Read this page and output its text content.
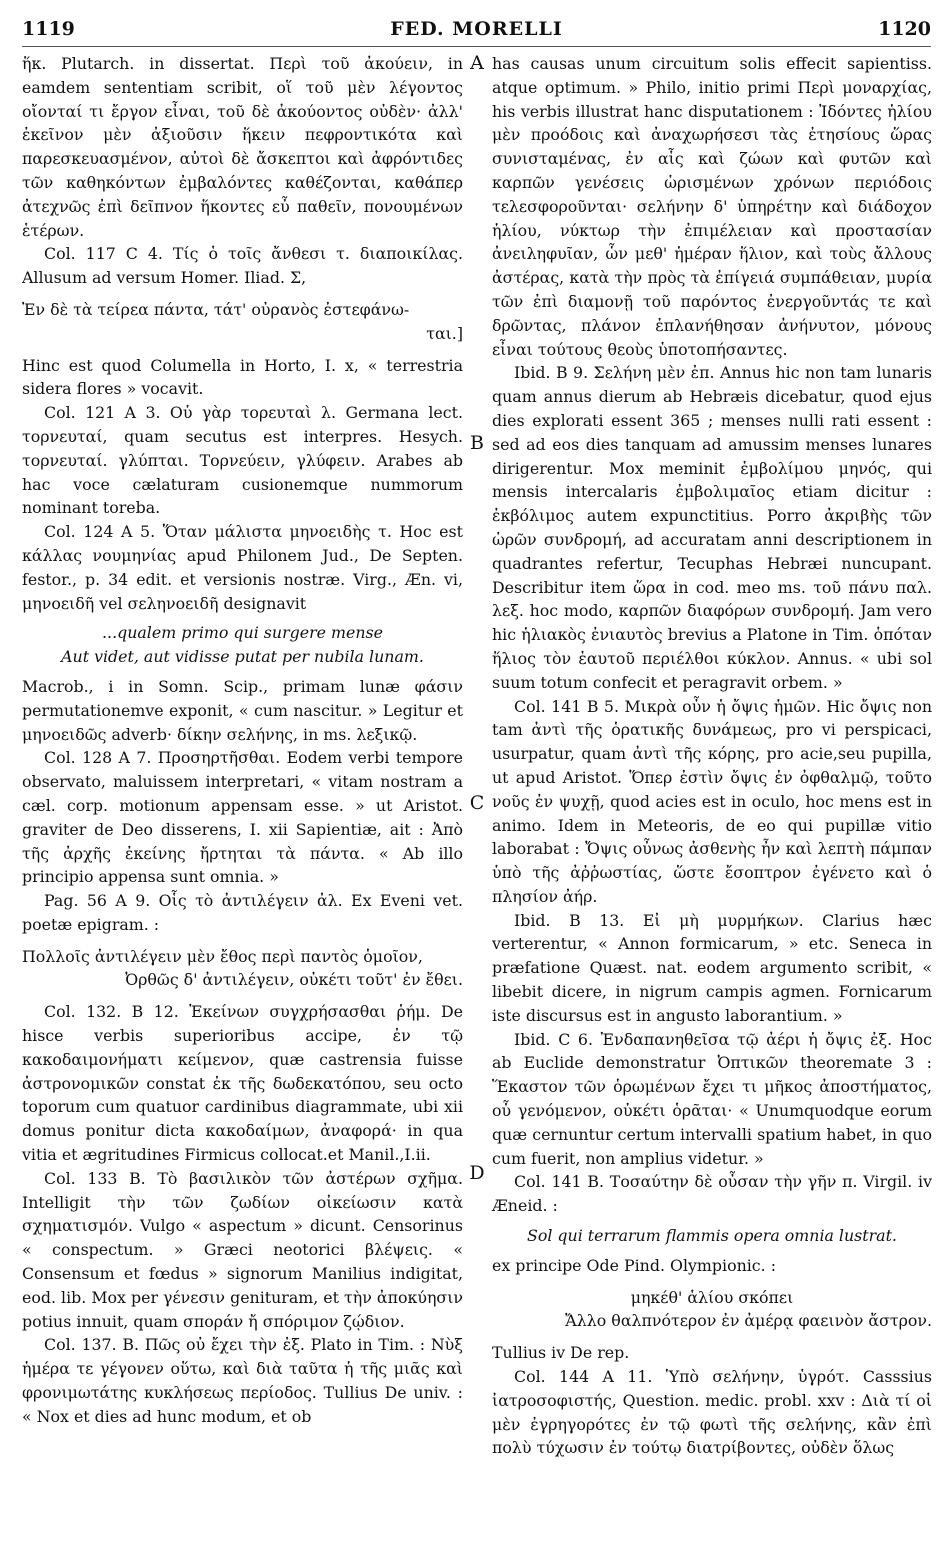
1119	FED. MORELLI	1120
A
B
C
D

ἥκ. Plutarch. in dissertat. Περὶ τοῦ ἀκούειν, in eamdem sententiam scribit, οἵ τοῦ μὲν λέγοντος οἴονταί τι ἔργον εἶναι, τοῦ δὲ ἀκούοντος οὐδὲν· ἀλλ' ἐκεῖνον μὲν ἀξιοῦσιν ἥκειν πεφροντικότα καὶ παρεσκευασμένον, αὐτοὶ δὲ ἄσκεπτοι καὶ ἀφρόντιδες τῶν καθηκόντων ἐμβαλόντες καθέζονται, καθάπερ ἀτεχνῶς ἐπὶ δεῖπνον ἥκοντες εὖ παθεῖν, πονουμένων ἑτέρων.

Col. 117 C 4. Τίς ὁ τοῖς ἄνθεσι τ. διαποικίλας. Allusum ad versum Homer. Iliad. Σ,

Ἐν δὲ τὰ τείρεα πάντα, τάτ' οὐρανὸς ἐστεφάνω-
ται.]

Hinc est quod Columella in Horto, I. x, « terrestria sidera flores » vocavit.

Col. 121 A 3. Οὐ γὰρ τορευταὶ λ. Germana lect. τορνευταί, quam secutus est interpres. Hesych. τορνευταί. γλύπται. Τορνεύειν, γλύφειν. Arabes ab hac voce cælaturam cusionemque nummorum nominant toreba.

Col. 124 A 5. Ὅταν μάλιστα μηνοειδὴς τ. Hoc est κάλλας νουμηνίας apud Philonem Jud., De Septen. festor., p. 34 edit. et versionis nostræ. Virg., Æn. vi, μηνοειδῆ vel σεληνοειδῆ designavit

...qualem primo qui surgere mense
Aut videt, aut vidisse putat per nubila lunam.

Macrob., i in Somn. Scip., primam lunæ φάσιν permutationemve exponit, « cum nascitur. » Legitur et μηνοειδῶς adverb· δίκην σελήνης, in ms. λεξικῷ.

Col. 128 A 7. Προσηρτῆσθαι. Eodem verbi tempore observato, maluissem interpretari, « vitam nostram a cæl. corp. motionum appensam esse. » ut Aristot. graviter de Deo disserens, I. xii Sapientiæ, ait : Ἀπὸ τῆς ἀρχῆς ἐκείνης ἤρτηται τὰ πάντα. « Ab illo principio appensa sunt omnia. »

Pag. 56 A 9. Οἷς τὸ ἀντιλέγειν ἀλ. Ex Eveni vet. poetæ epigram. :

Πολλοῖς ἀντιλέγειν μὲν ἔθος περὶ παντὸς ὁμοῖον,
Ὀρθῶς δ' ἀντιλέγειν, οὐκέτι τοῦτ' ἐν ἔθει.

Col. 132. B 12. Ἐκείνων συγχρήσασθαι ῥήμ. De hisce verbis superioribus accipe, ἐν τῷ κακοδαιμονήματι κείμενον, quæ castrensia fuisse ἀστρονομικῶν constat ἐκ τῆς δωδεκατόπου, seu octo toporum cum quatuor cardinibus diagrammate, ubi xii domus ponitur dicta κακοδαίμων, ἀναφορά· in qua vitia et ægritudines Firmicus collocat.et Manil.,I.ii.

Col. 133 B. Τὸ βασιλικὸν τῶν ἀστέρων σχῆμα. Intelligit τὴν τῶν ζωδίων οἰκείωσιν κατὰ σχηματισμόν. Vulgo « aspectum » dicunt. Censorinus « conspectum. » Græci neotorici βλέψεις. « Consensum et fœdus » signorum Manilius indigitat, eod. lib. Mox per γένεσιν genituram, et τὴν ἀποκύησιν potius innuit, quam σποράν ἤ σπόριμον ζῴδιον.

Col. 137. B. Πῶς οὐ ἔχει τὴν ἐξ. Plato in Tim. : Νὺξ ἡμέρα τε γέγονεν οὕτω, καὶ διὰ ταῦτα ἡ τῆς μιᾶς καὶ φρονιμωτάτης κυκλήσεως περίοδος. Tullius De univ. : « Nox et dies ad hunc modum, et ob

has causas unum circuitum solis effecit sapientiss. atque optimum. » Philo, initio primi Περὶ μοναρχίας, his verbis illustrat hanc disputationem : Ἰδόντες ἡλίου μὲν προόδοις καὶ ἀναχωρήσεσι τὰς ἐτησίους ὥρας συνισταμένας, ἐν αἷς καὶ ζώων καὶ φυτῶν καὶ καρπῶν γενέσεις ὡρισμένων χρόνων περιόδοις τελεσφοροῦνται· σελήνην δ' ὑπηρέτην καὶ διάδοχον ἡλίου, νύκτωρ τὴν ἐπιμέλειαν καὶ προστασίαν ἀνειληφυῖαν, ὧν μεθ' ἡμέραν ἥλιον, καὶ τοὺς ἄλλους ἀστέρας, κατὰ τὴν πρὸς τὰ ἐπίγειά συμπάθειαν, μυρία τῶν ἐπὶ διαμονῇ τοῦ παρόντος ἐνεργοῦντάς τε καὶ δρῶντας, πλάνον ἐπλανήθησαν ἀνήνυτον, μόνους εἶναι τούτους θεοὺς ὑποτοπήσαντες.

Ibid. B 9. Σελήνη μὲν ἐπ. Annus hic non tam lunaris quam annus dierum ab Hebræis dicebatur, quod ejus dies explorati essent 365 ; menses nulli rati essent : sed ad eos dies tanquam ad amussim menses lunares dirigerentur. Mox meminit ἐμβολίμου μηνός, qui mensis intercalaris ἐμβολιμαῖος etiam dicitur : ἐκβόλιμος autem expunctitius. Porro ἀκριβὴς τῶν ὡρῶν συνδρομή, ad accuratam anni descriptionem in quadrantes refertur, Tecuphas Hebræi nuncupant. Describitur item ὥρα in cod. meo ms. τοῦ πάνυ παλ. λεξ. hoc modo, καρπῶν διαφόρων συνδρομή. Jam vero hic ἡλιακὸς ἐνιαυτὸς brevius a Platone in Tim. ὁπόταν ἥλιος τὸν ἑαυτοῦ περιέλθοι κύκλον. Annus. « ubi sol suum totum confecit et peragravit orbem. »

Col. 141 B 5. Μικρὰ οὖν ἡ ὄψις ἡμῶν. Hic ὄψις non tam ἀντὶ τῆς ὁρατικῆς δυνάμεως, pro vi perspicaci, usurpatur, quam ἀντὶ τῆς κόρης, pro acie,seu pupilla, ut apud Aristot. Ὅπερ ἐστὶν ὄψις ἐν ὀφθαλμῷ, τοῦτο νοῦς ἐν ψυχῇ, quod acies est in oculo, hoc mens est in animo. Idem in Meteoris, de eo qui pupillæ vitio laborabat : Ὄψις οὖνως ἀσθενὴς ἦν καὶ λεπτὴ πάμπαν ὑπὸ τῆς ἀῤῥωστίας, ὥστε ἔσοπτρον ἐγένετο καὶ ὁ πλησίον ἀήρ.

Ibid. B 13. Εἰ μὴ μυρμήκων. Clarius hæc verterentur, « Annon formicarum, » etc. Seneca in præfatione Quæst. nat. eodem argumento scribit, « libebit dicere, in nigrum campis agmen. Fornicarum iste discursus est in angusto laborantium. »

Ibid. C 6. Ἐνδαπανηθεῖσα τῷ ἀέρι ἡ ὄψις ἐξ. Hoc ab Euclide demonstratur Ὀπτικῶν theoremate 3 : Ἕκαστον τῶν ὁρωμένων ἔχει τι μῆκος ἀποστήματος, οὗ γενόμενον, οὐκέτι ὁρᾶται· « Unumquodque eorum quæ cernuntur certum intervalli spatium habet, in quo cum fuerit, non amplius videtur. »

Col. 141 B. Τοσαύτην δὲ οὖσαν τὴν γῆν π. Virgil. iv Æneid. :

Sol qui terrarum flammis opera omnia lustrat.

ex principe Ode Pind. Olympionic. :

μηκέθ' ἁλίου σκόπει
Ἄλλο θαλπνότερον ἐν ἀμέρᾳ φαεινὸν ἄστρον.

Tullius iv De rep.

Col. 144 A 11. Ὑπὸ σελήνην, ὑγρότ. Casssius ἰατροσοφιστής, Question. medic. probl. xxv : Διὰ τί οἱ μὲν ἐγρηγορότες ἐν τῷ φωτὶ τῆς σελήνης, κἂν ἐπὶ πολὺ τύχωσιν ἐν τούτῳ διατρίβοντες, οὐδὲν ὅλως
